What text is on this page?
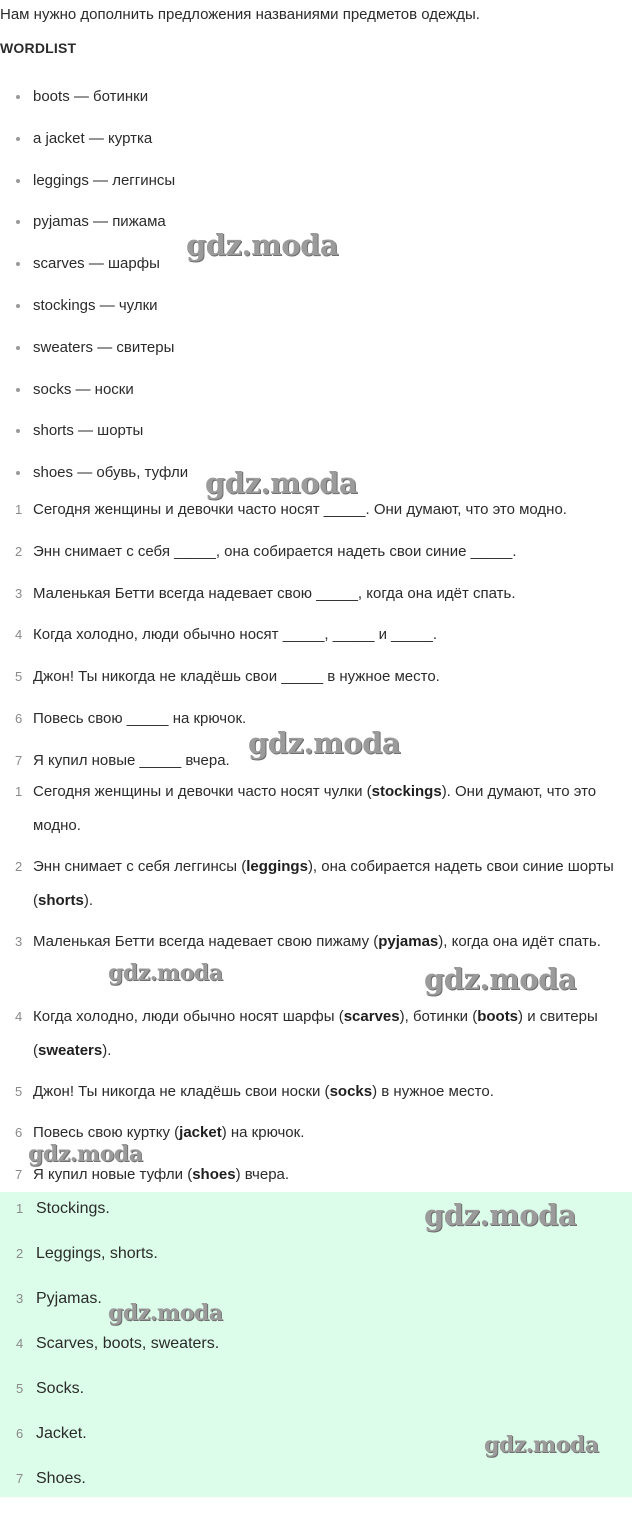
Нам нужно дополнить предложения названиями предметов одежды.
WORDLIST
boots — ботинки
a jacket — куртка
leggings — леггинсы
pyjamas — пижама
scarves — шарфы
stockings — чулки
sweaters — свитеры
socks — носки
shorts — шорты
shoes — обувь, туфли
1 Сегодня женщины и девочки часто носят _____. Они думают, что это модно.
2 Энн снимает с себя _____, она собирается надеть свои синие _____.
3 Маленькая Бетти всегда надевает свою _____, когда она идёт спать.
4 Когда холодно, люди обычно носят _____, _____ и _____.
5 Джон! Ты никогда не кладёшь свои _____ в нужное место.
6 Повесь свою _____ на крючок.
7 Я купил новые _____ вчера.
1 Сегодня женщины и девочки часто носят чулки (stockings). Они думают, что это модно.
2 Энн снимает с себя леггинсы (leggings), она собирается надеть свои синие шорты (shorts).
3 Маленькая Бетти всегда надевает свою пижаму (pyjamas), когда она идёт спать.
4 Когда холодно, люди обычно носят шарфы (scarves), ботинки (boots) и свитеры (sweaters).
5 Джон! Ты никогда не кладёшь свои носки (socks) в нужное место.
6 Повесь свою куртку (jacket) на крючок.
7 Я купил новые туфли (shoes) вчера.
1 Stockings.
2 Leggings, shorts.
3 Pyjamas.
4 Scarves, boots, sweaters.
5 Socks.
6 Jacket.
7 Shoes.
gdz.moda
gdz.moda
gdz.moda
gdz.moda	gdz.moda
gdz.moda
gdz.moda
gdz.moda
gdz.moda
